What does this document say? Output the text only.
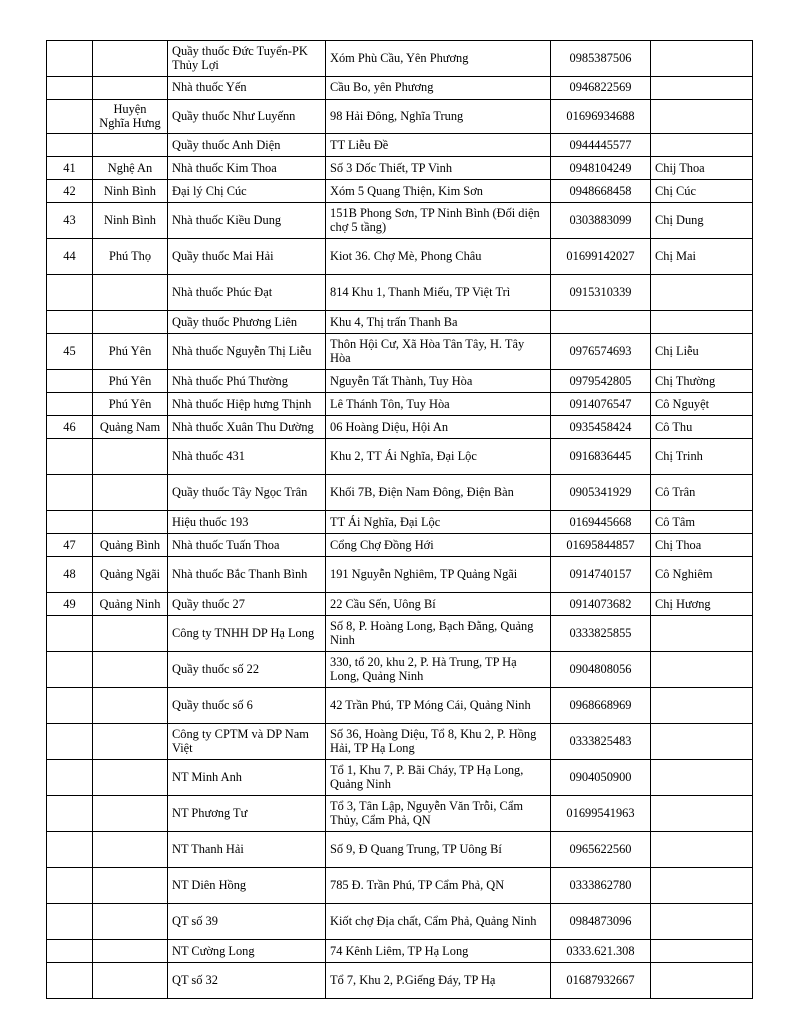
		Quầy thuốc Đức Tuyển-PK Thủy Lợi	Xóm Phù Cầu, Yên Phương	0985387506	
		Nhà thuốc Yến	Cầu Bo, yên Phương	0946822569	
	Huyện Nghĩa Hưng	Quầy thuốc Như Luyếnn	98 Hải Đông, Nghĩa Trung	01696934688	
		Quầy thuốc Anh Diện	TT Liễu Đề	0944445577	
41	Nghệ An	Nhà thuốc Kim Thoa	Số 3 Dốc Thiết, TP Vinh	0948104249	Chij Thoa
42	Ninh Bình	Đại lý Chị Cúc	Xóm 5 Quang Thiện, Kim Sơn	0948668458	Chị Cúc
43	Ninh Bình	Nhà thuốc Kiều Dung	151B Phong Sơn, TP Ninh Bình (Đối diện chợ 5 tầng)	0303883099	Chị Dung
44	Phú Thọ	Quầy thuốc Mai Hải	Kiot 36. Chợ Mè, Phong Châu	01699142027	Chị Mai
		Nhà thuốc Phúc Đạt	814 Khu 1, Thanh Miếu, TP Việt Trì	0915310339	
		Quầy thuốc Phương Liên	Khu 4, Thị trấn Thanh Ba		
45	Phú Yên	Nhà thuốc Nguyễn Thị Liễu	Thôn Hội Cư, Xã Hòa Tân Tây, H. Tây Hòa	0976574693	Chị Liễu
	Phú Yên	Nhà thuốc Phú Thường	Nguyễn Tất Thành, Tuy Hòa	0979542805	Chị Thường
	Phú Yên	Nhà thuốc Hiệp hưng Thịnh	Lê Thánh Tôn, Tuy Hòa	0914076547	Cô Nguyệt
46	Quảng Nam	Nhà thuốc Xuân Thu Dường	06 Hoàng Diệu, Hội An	0935458424	Cô Thu
		Nhà thuốc 431	Khu 2, TT Ái Nghĩa, Đại Lộc	0916836445	Chị Trinh
		Quầy thuốc Tây Ngọc Trân	Khối 7B, Điện Nam Đông, Điện Bàn	0905341929	Cô Trân
		Hiệu thuốc 193	TT Ái Nghĩa, Đại Lộc	0169445668	Cô Tâm
47	Quảng Bình	Nhà thuốc Tuấn Thoa	Cổng Chợ Đồng Hới	01695844857	Chị Thoa
48	Quảng Ngãi	Nhà thuốc Bắc Thanh Bình	191 Nguyễn Nghiêm, TP Quảng Ngãi	0914740157	Cô Nghiêm
49	Quảng Ninh	Quầy thuốc 27	22 Cầu Sến, Uông Bí	0914073682	Chị Hương
		Công ty TNHH DP Hạ Long	Số 8, P. Hoàng Long, Bạch Đằng, Quảng Ninh	0333825855	
		Quầy thuốc số 22	330, tổ 20, khu 2, P. Hà Trung, TP Hạ Long, Quảng Ninh	0904808056	
		Quầy thuốc số 6	42 Trần Phú, TP Móng Cái, Quảng Ninh	0968668969	
		Công ty CPTM và DP Nam Việt	Số 36, Hoàng Diệu, Tổ 8, Khu 2, P. Hồng Hải, TP Hạ Long	0333825483	
		NT Minh Anh	Tổ 1, Khu 7, P. Bãi Cháy, TP Hạ Long, Quảng Ninh	0904050900	
		NT Phương Tư	Tổ 3, Tân Lập, Nguyễn Văn Trỗi, Cẩm Thủy, Cẩm Phả, QN	01699541963	
		NT Thanh Hải	Số 9, Đ Quang Trung, TP Uông Bí	0965622560	
		NT Diên Hồng	785 Đ. Trần Phú, TP Cẩm Phả, QN	0333862780	
		QT số 39	Kiốt chợ Địa chất, Cẩm Phả, Quảng Ninh	0984873096	
		NT Cường Long	74 Kênh Liêm, TP Hạ Long	0333.621.308	
		QT số 32	Tổ 7, Khu 2, P.Giếng Đáy, TP Hạ	01687932667	
